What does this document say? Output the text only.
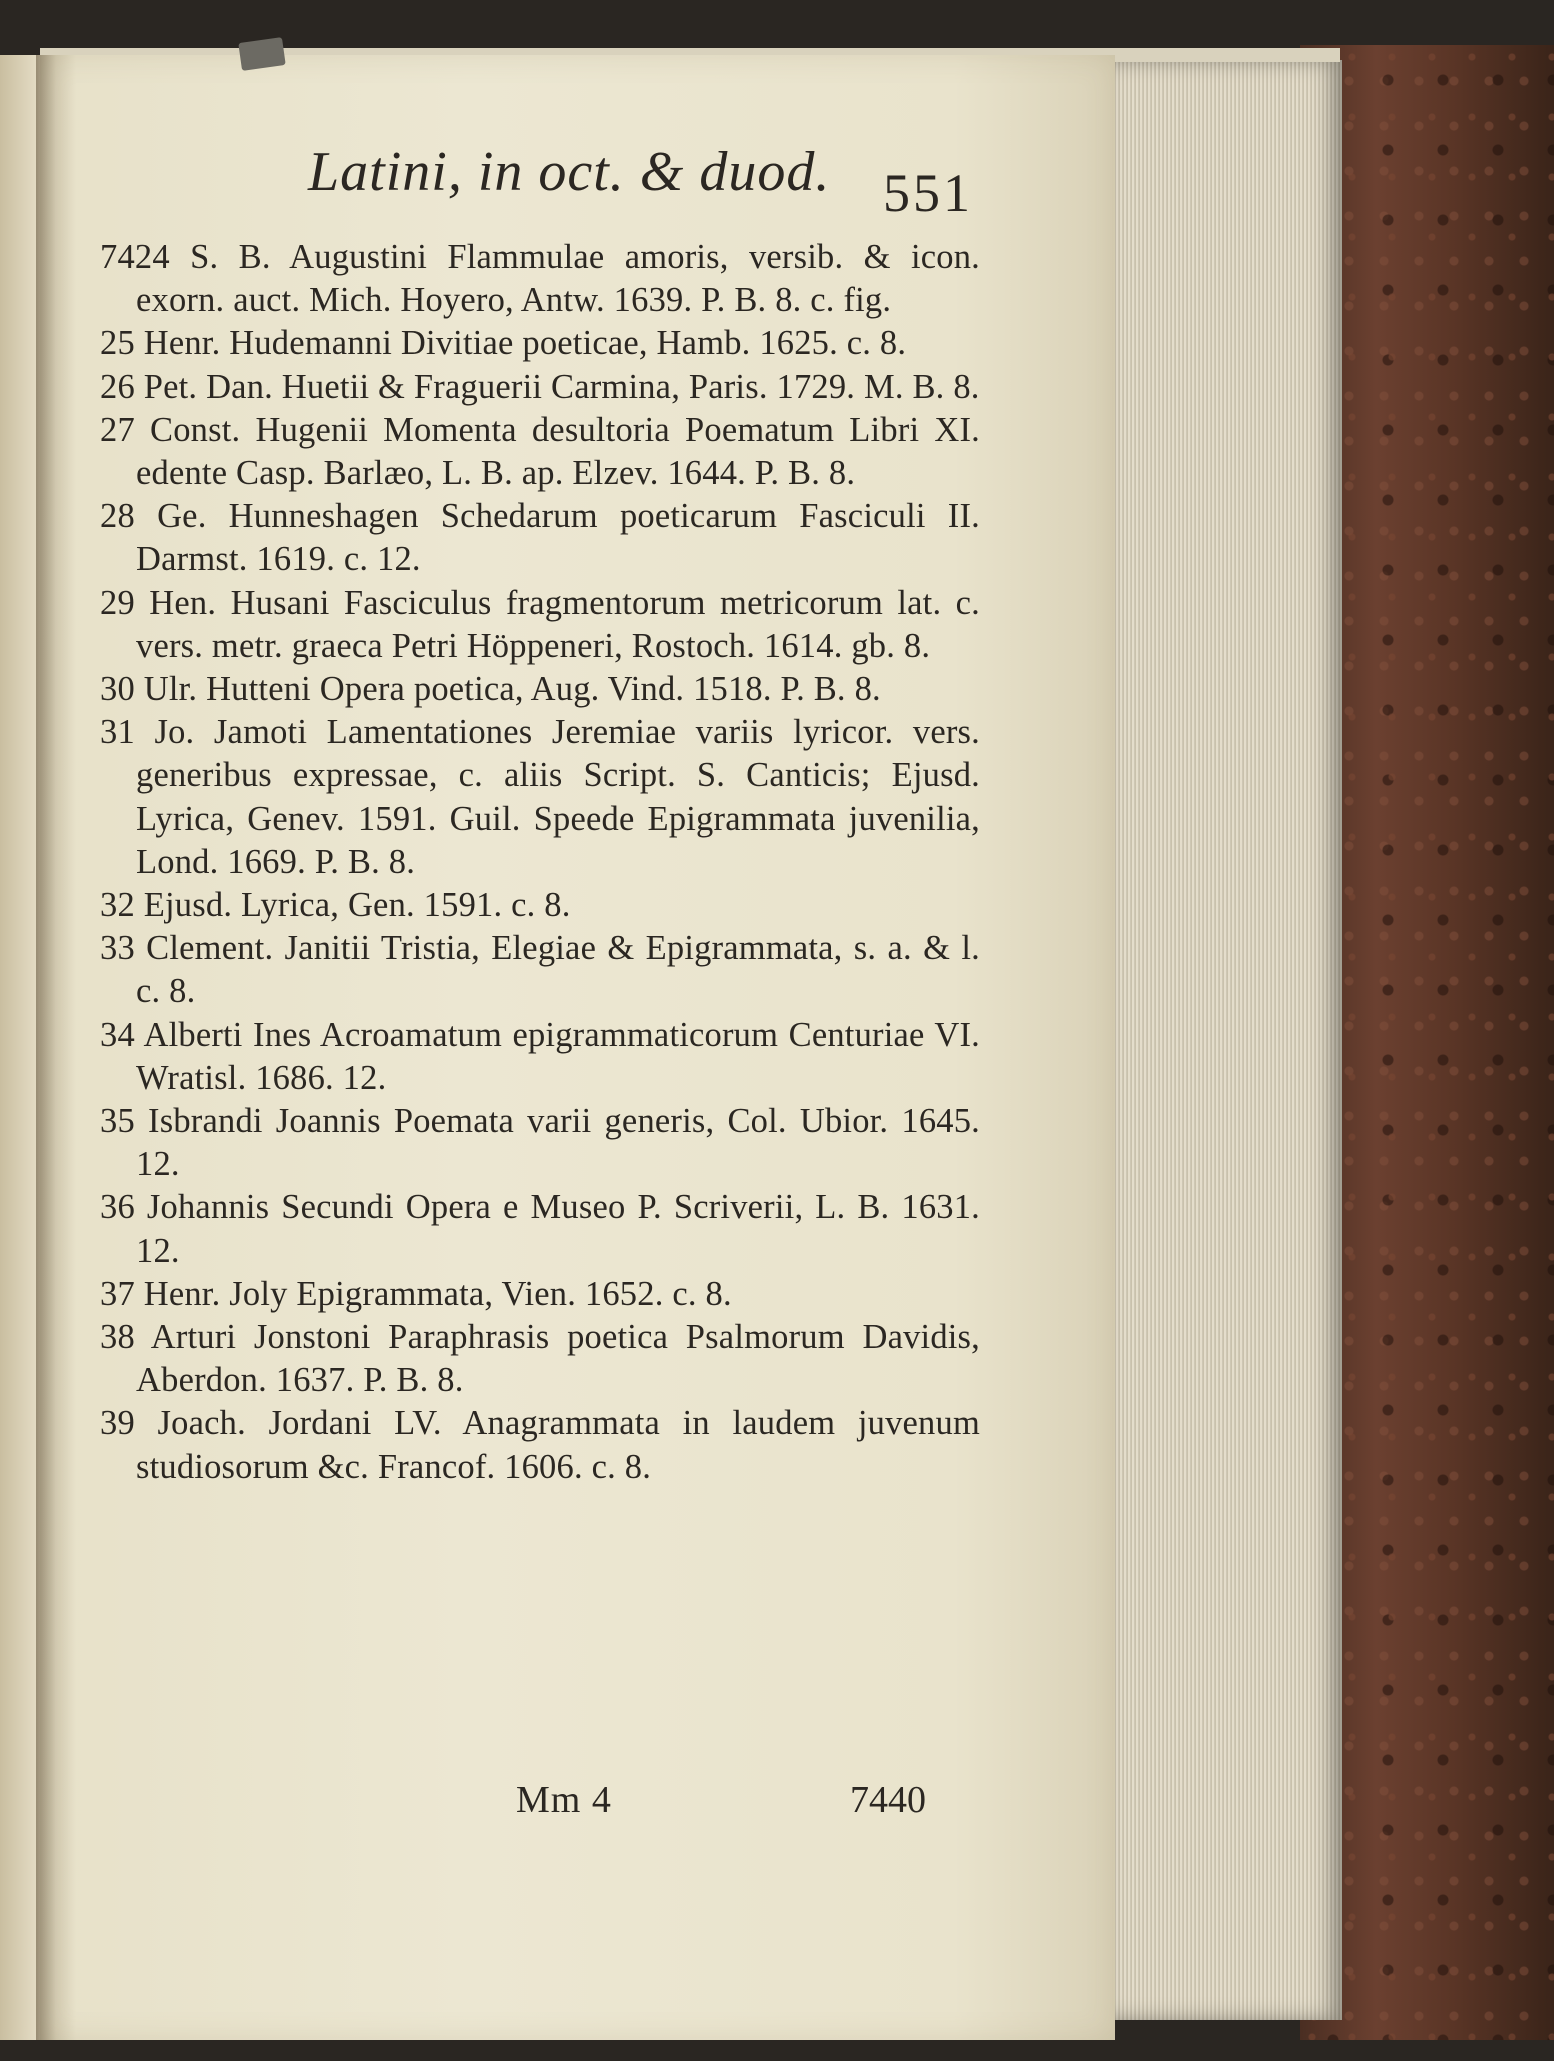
Latini, in oct. & duod. 551
7424 S. B. Augustini Flammulae amoris, versib. & icon. exorn. auct. Mich. Hoyero, Antw. 1639. P. B. 8. c. fig.
25 Henr. Hudemanni Divitiae poeticae, Hamb. 1625. c. 8.
26 Pet. Dan. Huetii & Fraguerii Carmina, Paris. 1729. M. B. 8.
27 Const. Hugenii Momenta desultoria Poematum Libri XI. edente Casp. Barlæo, L. B. ap. Elzev. 1644. P. B. 8.
28 Ge. Hunneshagen Schedarum poeticarum Fasciculi II. Darmst. 1619. c. 12.
29 Hen. Husani Fasciculus fragmentorum metricorum lat. c. vers. metr. graeca Petri Höppeneri, Rostoch. 1614. gb. 8.
30 Ulr. Hutteni Opera poetica, Aug. Vind. 1518. P. B. 8.
31 Jo. Jamoti Lamentationes Jeremiae variis lyricor. vers. generibus expressae, c. aliis Script. S. Canticis; Ejusd. Lyrica, Genev. 1591. Guil. Speede Epigrammata juvenilia, Lond. 1669. P. B. 8.
32 Ejusd. Lyrica, Gen. 1591. c. 8.
33 Clement. Janitii Tristia, Elegiae & Epigrammata, s. a. & l. c. 8.
34 Alberti Ines Acroamatum epigrammaticorum Centuriae VI. Wratisl. 1686. 12.
35 Isbrandi Joannis Poemata varii generis, Col. Ubior. 1645. 12.
36 Johannis Secundi Opera e Museo P. Scriverii, L. B. 1631. 12.
37 Henr. Joly Epigrammata, Vien. 1652. c. 8.
38 Arturi Jonstoni Paraphrasis poetica Psalmorum Davidis, Aberdon. 1637. P. B. 8.
39 Joach. Jordani LV. Anagrammata in laudem juvenum studiosorum &c. Francof. 1606. c. 8.
Mm 4	7440
